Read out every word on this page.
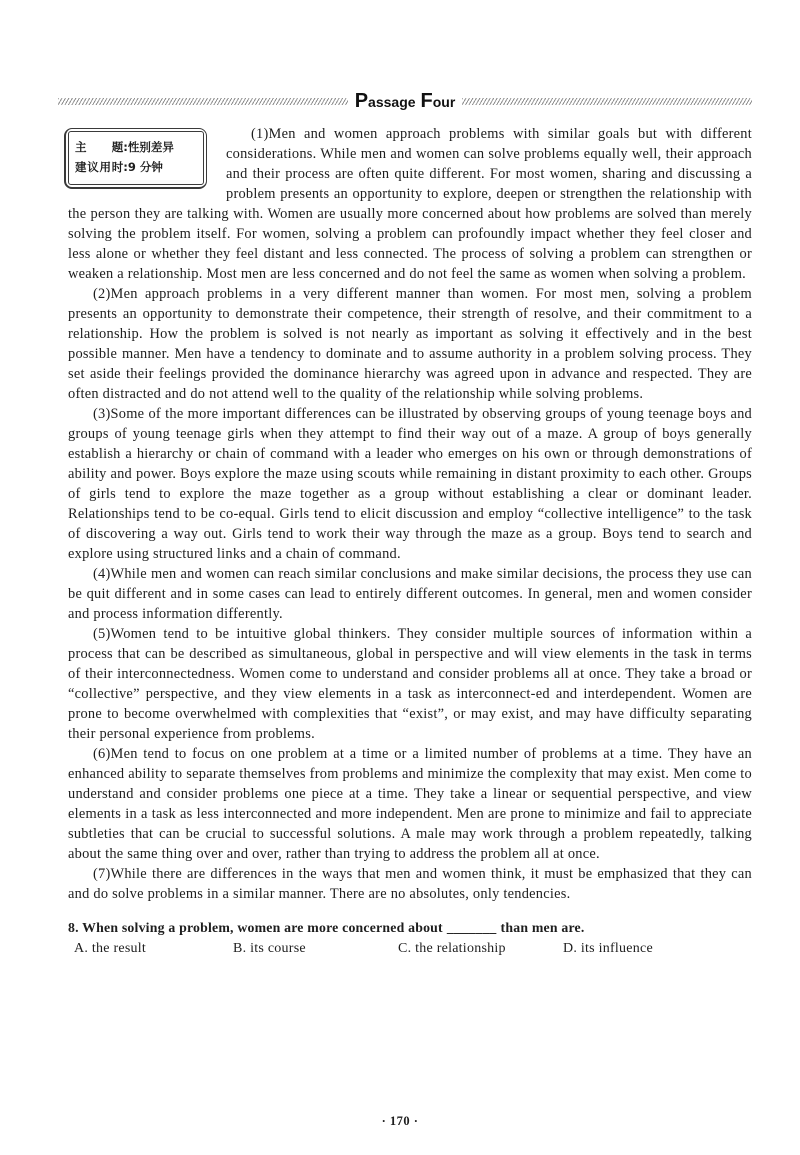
Passage Four
主题:性别差异
建议用时:9 分钟

(1)Men and women approach problems with similar goals but with different considerations. While men and women can solve problems equally well, their approach and their process are often quite different. For most women, sharing and discussing a problem presents an opportunity to explore, deepen or strengthen the relationship with the person they are talking with. Women are usually more concerned about how problems are solved than merely solving the problem itself. For women, solving a problem can profoundly impact whether they feel closer and less alone or whether they feel distant and less connected. The process of solving a problem can strengthen or weaken a relationship. Most men are less concerned and do not feel the same as women when solving a problem.

(2)Men approach problems in a very different manner than women. For most men, solving a problem presents an opportunity to demonstrate their competence, their strength of resolve, and their commitment to a relationship. How the problem is solved is not nearly as important as solving it effectively and in the best possible manner. Men have a tendency to dominate and to assume authority in a problem solving process. They set aside their feelings provided the dominance hierarchy was agreed upon in advance and respected. They are often distracted and do not attend well to the quality of the relationship while solving problems.

(3)Some of the more important differences can be illustrated by observing groups of young teenage boys and groups of young teenage girls when they attempt to find their way out of a maze. A group of boys generally establish a hierarchy or chain of command with a leader who emerges on his own or through demonstrations of ability and power. Boys explore the maze using scouts while remaining in distant proximity to each other. Groups of girls tend to explore the maze together as a group without establishing a clear or dominant leader. Relationships tend to be co-equal. Girls tend to elicit discussion and employ “collective intelligence” to the task of discovering a way out. Girls tend to work their way through the maze as a group. Boys tend to search and explore using structured links and a chain of command.

(4)While men and women can reach similar conclusions and make similar decisions, the process they use can be quit different and in some cases can lead to entirely different outcomes. In general, men and women consider and process information differently.

(5)Women tend to be intuitive global thinkers. They consider multiple sources of information within a process that can be described as simultaneous, global in perspective and will view elements in the task in terms of their interconnectedness. Women come to understand and consider problems all at once. They take a broad or “collective” perspective, and they view elements in a task as interconnect-ed and interdependent. Women are prone to become overwhelmed with complexities that “exist”, or may exist, and may have difficulty separating their personal experience from problems.

(6)Men tend to focus on one problem at a time or a limited number of problems at a time. They have an enhanced ability to separate themselves from problems and minimize the complexity that may exist. Men come to understand and consider problems one piece at a time. They take a linear or sequential perspective, and view elements in a task as less interconnected and more independent. Men are prone to minimize and fail to appreciate subtleties that can be crucial to successful solutions. A male may work through a problem repeatedly, talking about the same thing over and over, rather than trying to address the problem all at once.

(7)While there are differences in the ways that men and women think, it must be emphasized that they can and do solve problems in a similar manner. There are no absolutes, only tendencies.

8. When solving a problem, women are more concerned about _______ than men are.
A. the result	B. its course	C. the relationship	D. its influence
· 170 ·
